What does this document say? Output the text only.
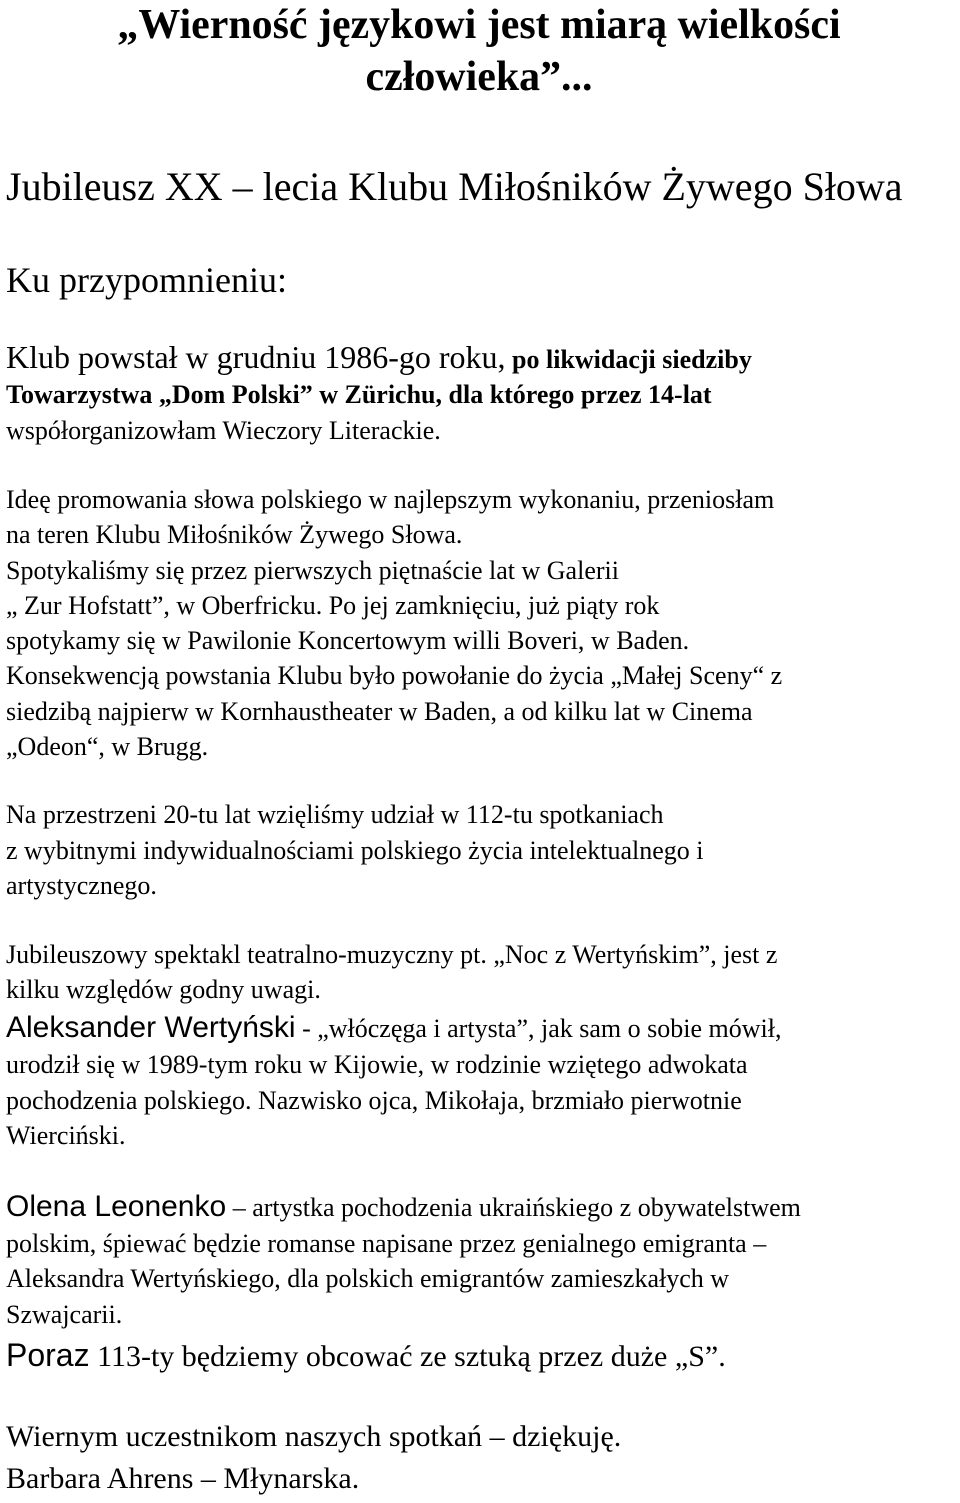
„Wierność językowi jest miarą wielkości
człowieka”...
Jubileusz XX – lecia Klubu Miłośników Żywego Słowa
Ku przypomnieniu:
Klub powstał w grudniu 1986-go roku, po likwidacji siedziby
Towarzystwa „Dom Polski” w Zürichu, dla którego przez 14-lat
współorganizowłam Wieczory Literackie.
Ideę promowania słowa polskiego w najlepszym wykonaniu, przeniosłam
na teren Klubu Miłośników Żywego Słowa.
Spotykaliśmy się przez pierwszych piętnaście lat w Galerii
„ Zur Hofstatt”, w Oberfricku. Po jej zamknięciu, już piąty rok
spotykamy się w Pawilonie Koncertowym willi Boveri, w Baden.
Konsekwencją powstania Klubu było powołanie do życia „Małej Sceny“ z
siedzibą najpierw w Kornhaustheater w Baden, a od kilku lat w Cinema
„Odeon“, w Brugg.
Na przestrzeni 20-tu lat wzięliśmy udział w 112-tu spotkaniach
z wybitnymi indywidualnościami polskiego życia intelektualnego i
artystycznego.
Jubileuszowy spektakl teatralno-muzyczny pt. „Noc z Wertyńskim”, jest z
kilku względów godny uwagi.
Aleksander Wertyński - „włóczęga i artysta”, jak sam o sobie mówił,
urodził się w 1989-tym roku w Kijowie, w rodzinie wziętego adwokata
pochodzenia polskiego. Nazwisko ojca, Mikołaja, brzmiało pierwotnie
Wierciński.
Olena Leonenko – artystka pochodzenia ukraińskiego z obywatelstwem
polskim, śpiewać będzie romanse napisane przez genialnego emigranta –
Aleksandra Wertyńskiego, dla polskich emigrantów zamieszkałych w
Szwajcarii.
Poraz 113-ty będziemy obcować ze sztuką przez duże „S”.
Wiernym uczestnikom naszych spotkań – dziękuję.
Barbara Ahrens – Młynarska.
